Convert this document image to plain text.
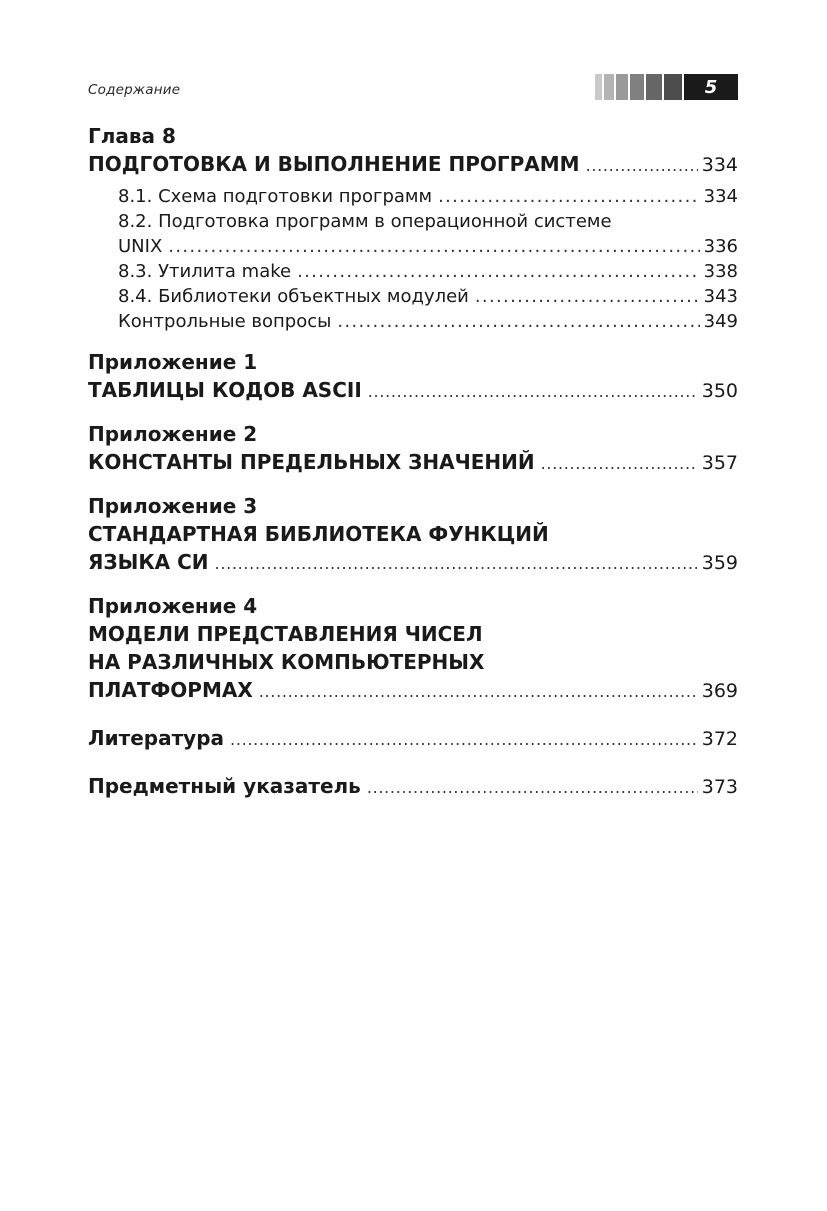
Содержание	5
Глава 8
ПОДГОТОВКА И ВЫПОЛНЕНИЕ ПРОГРАММ . . .	334
8.1. Схема подготовки программ . . .	334
8.2. Подготовка программ в операционной системе
UNIX . . .	336
8.3. Утилита make . . .	338
8.4. Библиотеки объектных модулей . . .	343
Контрольные вопросы . . .	349
Приложение 1
ТАБЛИЦЫ КОДОВ ASCII . . .	350
Приложение 2
КОНСТАНТЫ ПРЕДЕЛЬНЫХ ЗНАЧЕНИЙ . . .	357
Приложение 3
СТАНДАРТНАЯ БИБЛИОТЕКА ФУНКЦИЙ
ЯЗЫКА СИ . . .	359
Приложение 4
МОДЕЛИ ПРЕДСТАВЛЕНИЯ ЧИСЕЛ
НА РАЗЛИЧНЫХ КОМПЬЮТЕРНЫХ
ПЛАТФОРМАХ . . .	369
Литература . . .	372
Предметный указатель . . .	373
